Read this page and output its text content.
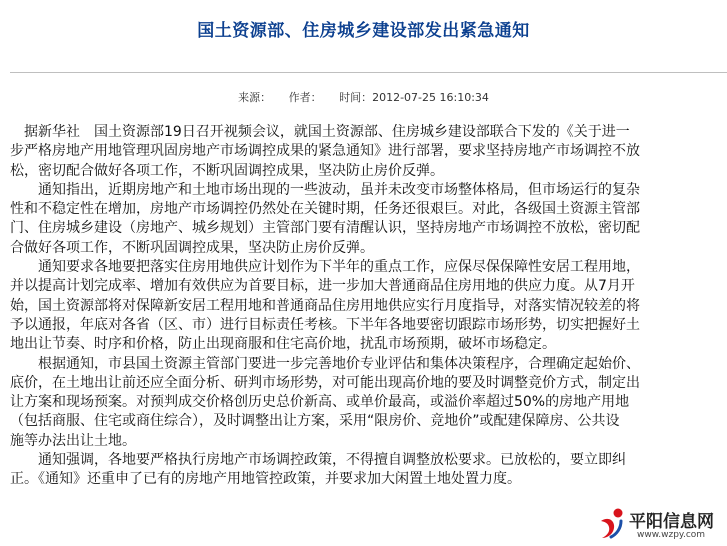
国土资源部、住房城乡建设部发出紧急通知
来源： 作者： 时间：2012-07-25 16:10:34
　据新华社　国土资源部19日召开视频会议，就国土资源部、住房城乡建设部联合下发的《关于进一
步严格房地产用地管理巩固房地产市场调控成果的紧急通知》进行部署，要求坚持房地产市场调控不放
松，密切配合做好各项工作，不断巩固调控成果，坚决防止房价反弹。
　　通知指出，近期房地产和土地市场出现的一些波动，虽并未改变市场整体格局，但市场运行的复杂
性和不稳定性在增加，房地产市场调控仍然处在关键时期，任务还很艰巨。对此，各级国土资源主管部
门、住房城乡建设（房地产、城乡规划）主管部门要有清醒认识，坚持房地产市场调控不放松，密切配
合做好各项工作，不断巩固调控成果，坚决防止房价反弹。
　　通知要求各地要把落实住房用地供应计划作为下半年的重点工作，应保尽保保障性安居工程用地，
并以提高计划完成率、增加有效供应为首要目标，进一步加大普通商品住房用地的供应力度。从7月开
始，国土资源部将对保障新安居工程用地和普通商品住房用地供应实行月度指导，对落实情况较差的将
予以通报，年底对各省（区、市）进行目标责任考核。下半年各地要密切跟踪市场形势，切实把握好土
地出让节奏、时序和价格，防止出现商服和住宅高价地，扰乱市场预期，破坏市场稳定。
　　根据通知，市县国土资源主管部门要进一步完善地价专业评估和集体决策程序，合理确定起始价、
底价，在土地出让前还应全面分析、研判市场形势，对可能出现高价地的要及时调整竞价方式，制定出
让方案和现场预案。对预判成交价格创历史总价新高、或单价最高，或溢价率超过50%的房地产用地
（包括商服、住宅或商住综合），及时调整出让方案，采用“限房价、竞地价”或配建保障房、公共设
施等办法出让土地。
　　通知强调，各地要严格执行房地产市场调控政策，不得擅自调整放松要求。已放松的，要立即纠
正。《通知》还重申了已有的房地产用地管控政策，并要求加大闲置土地处置力度。
平阳信息网
www.wzpy.com
